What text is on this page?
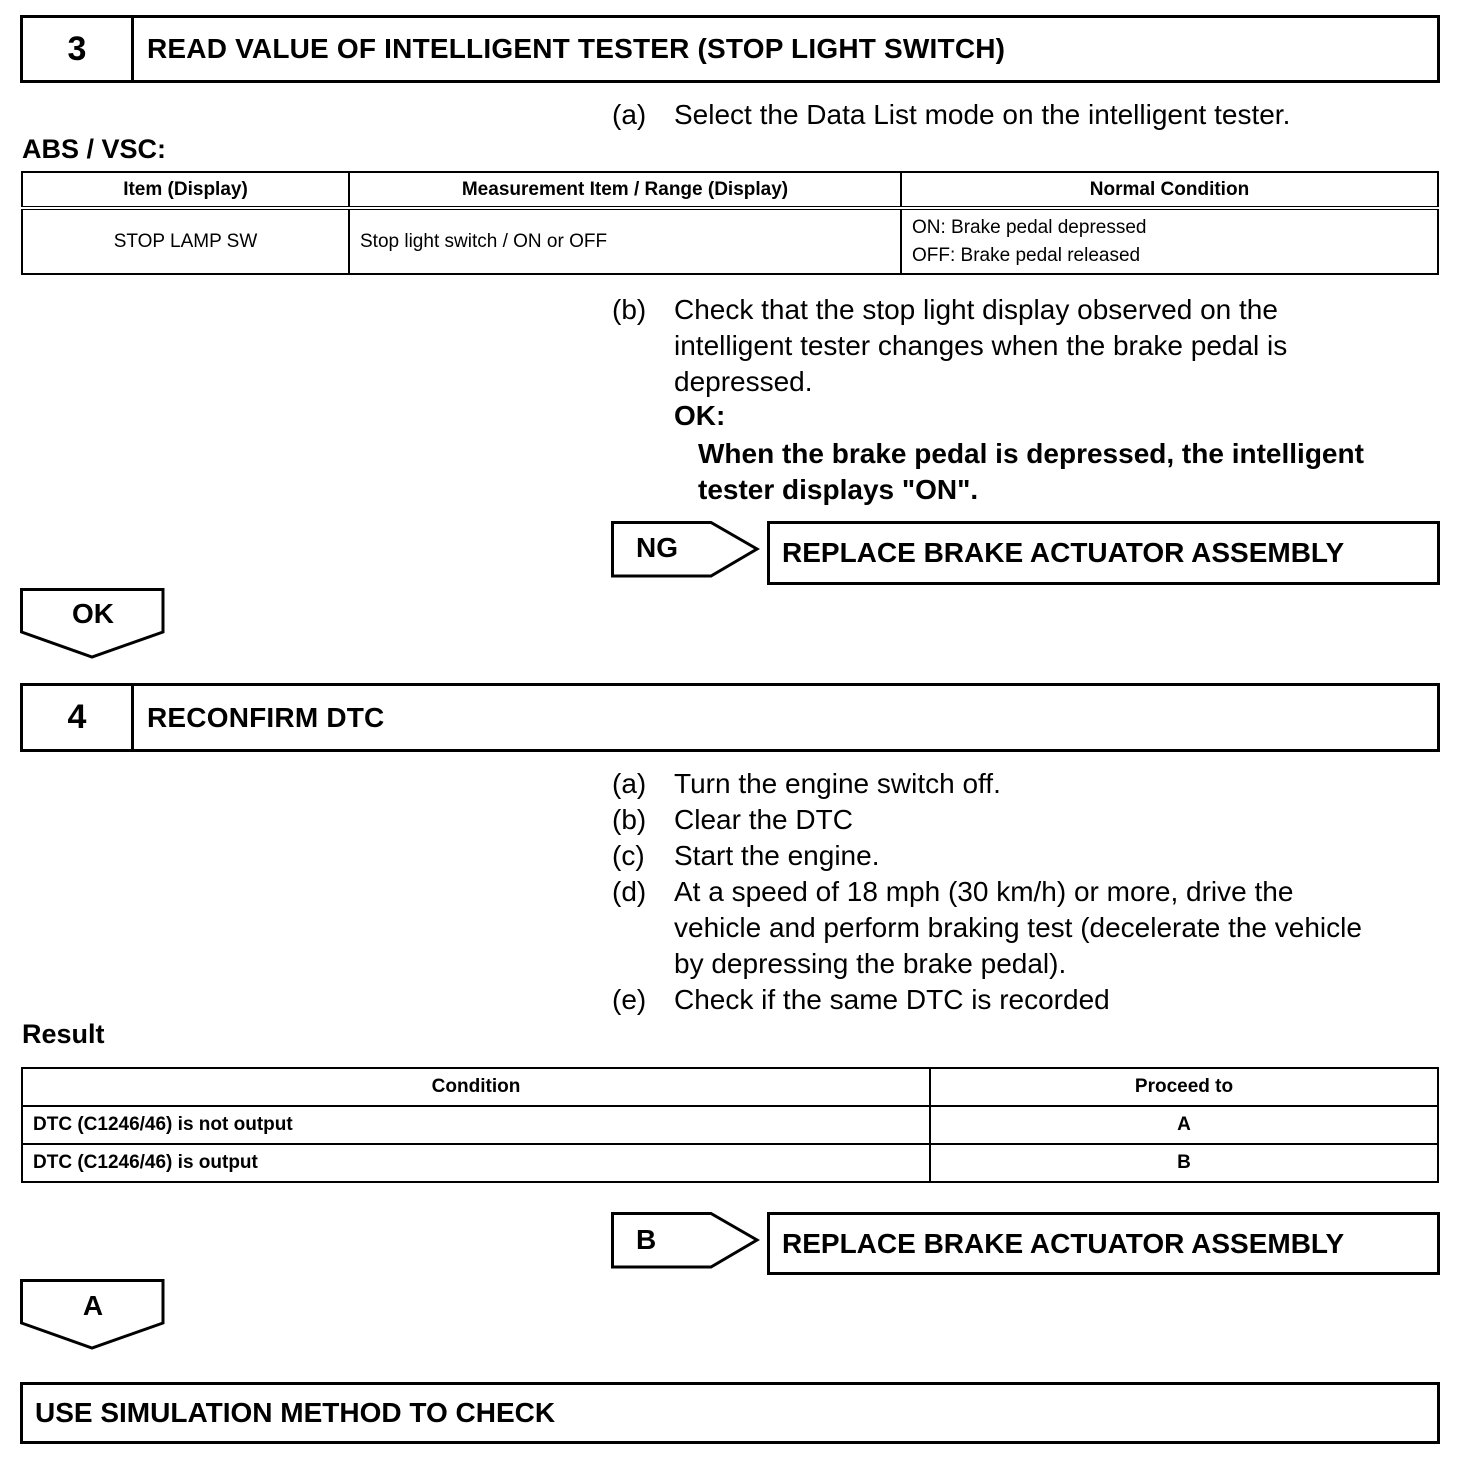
3	READ VALUE OF INTELLIGENT TESTER (STOP LIGHT SWITCH)
(a) Select the Data List mode on the intelligent tester.
ABS / VSC:
Item (Display)	Measurement Item / Range (Display)	Normal Condition
STOP LAMP SW	Stop light switch / ON or OFF	ON: Brake pedal depressed
OFF: Brake pedal released
(b) Check that the stop light display observed on the
intelligent tester changes when the brake pedal is
depressed.
OK:
When the brake pedal is depressed, the intelligent
tester displays "ON".
NG	REPLACE BRAKE ACTUATOR ASSEMBLY
OK
4	RECONFIRM DTC
(a) Turn the engine switch off.
(b) Clear the DTC
(c) Start the engine.
(d) At a speed of 18 mph (30 km/h) or more, drive the
vehicle and perform braking test (decelerate the vehicle
by depressing the brake pedal).
(e) Check if the same DTC is recorded
Result
Condition	Proceed to
DTC (C1246/46) is not output	A
DTC (C1246/46) is output	B
B	REPLACE BRAKE ACTUATOR ASSEMBLY
A
USE SIMULATION METHOD TO CHECK
